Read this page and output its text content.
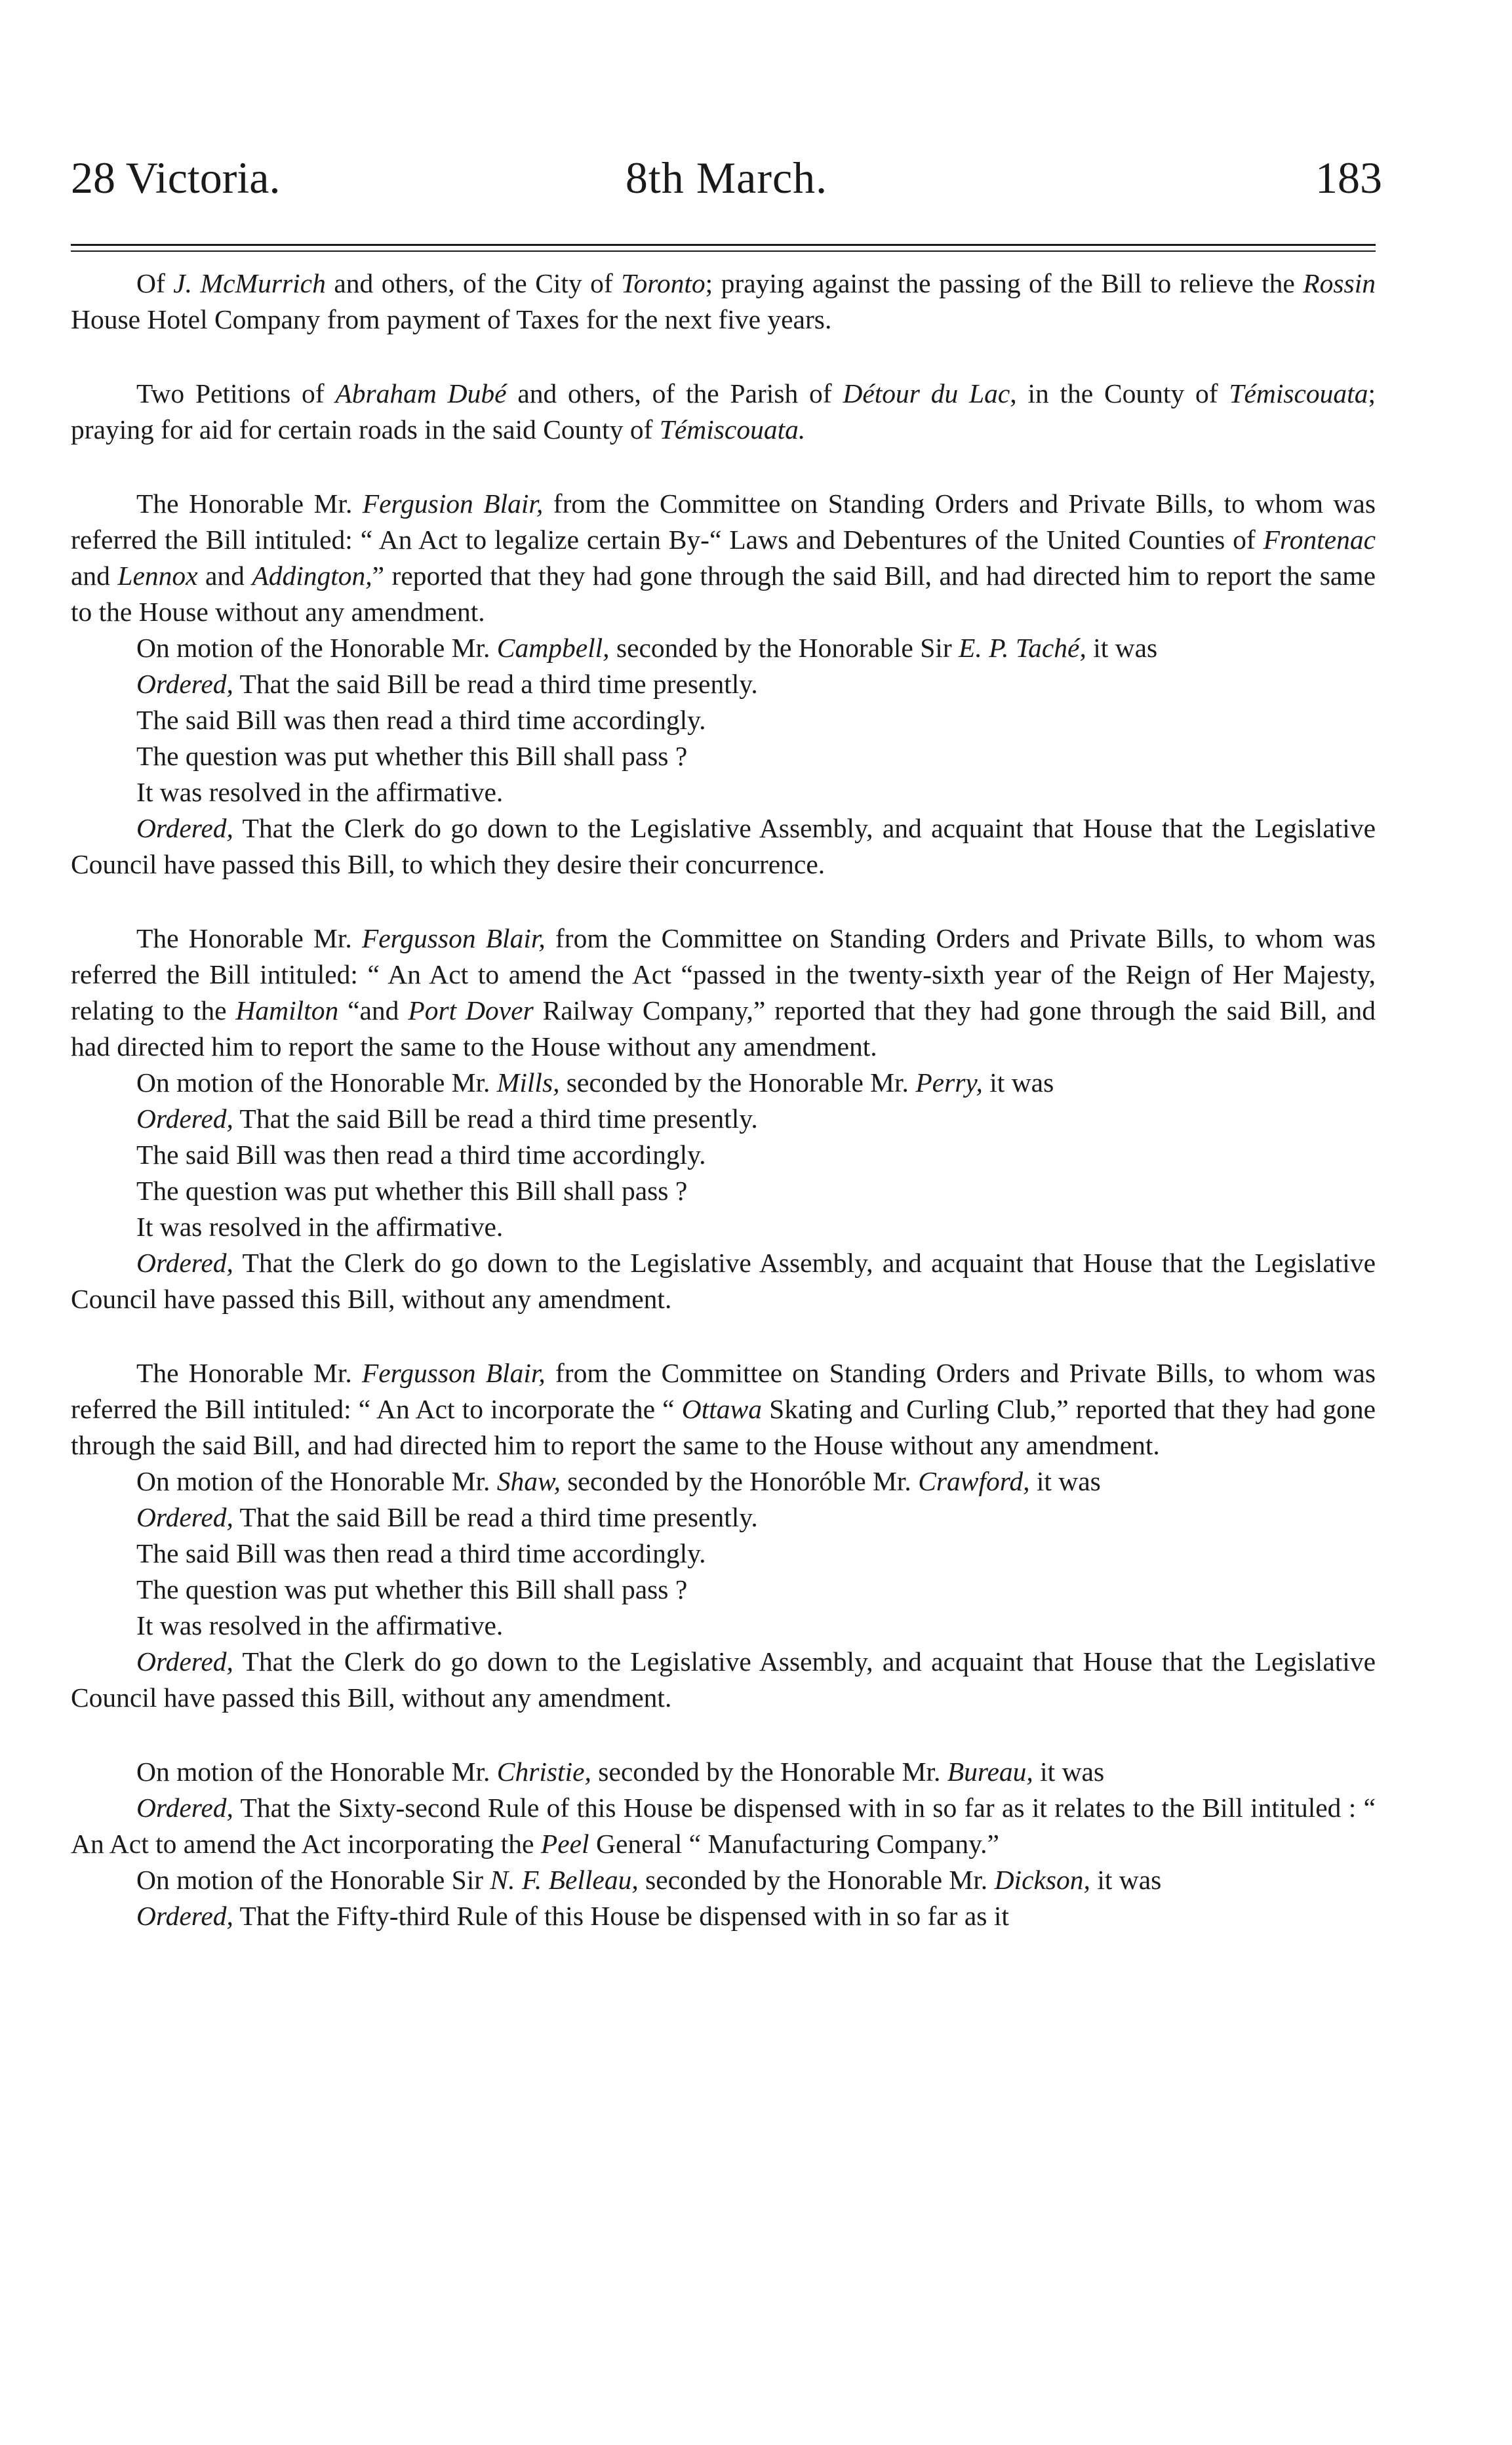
28 Victoria.	8th March.	183

Of J. McMurrich and others, of the City of Toronto; praying against the passing of the Bill to relieve the Rossin House Hotel Company from payment of Taxes for the next five years.

Two Petitions of Abraham Dubé and others, of the Parish of Détour du Lac, in the County of Témiscouata; praying for aid for certain roads in the said County of Témiscouata.

The Honorable Mr. Fergusion Blair, from the Committee on Standing Orders and Private Bills, to whom was referred the Bill intituled: “ An Act to legalize certain By-“ Laws and Debentures of the United Counties of Frontenac and Lennox and Addington,” reported that they had gone through the said Bill, and had directed him to report the same to the House without any amendment.

On motion of the Honorable Mr. Campbell, seconded by the Honorable Sir E. P. Taché, it was

Ordered, That the said Bill be read a third time presently.

The said Bill was then read a third time accordingly.

The question was put whether this Bill shall pass ?

It was resolved in the affirmative.

Ordered, That the Clerk do go down to the Legislative Assembly, and acquaint that House that the Legislative Council have passed this Bill, to which they desire their concurrence.

The Honorable Mr. Fergusson Blair, from the Committee on Standing Orders and Private Bills, to whom was referred the Bill intituled: “ An Act to amend the Act “passed in the twenty-sixth year of the Reign of Her Majesty, relating to the Hamilton “and Port Dover Railway Company,” reported that they had gone through the said Bill, and had directed him to report the same to the House without any amendment.

On motion of the Honorable Mr. Mills, seconded by the Honorable Mr. Perry, it was

Ordered, That the said Bill be read a third time presently.

The said Bill was then read a third time accordingly.

The question was put whether this Bill shall pass ?

It was resolved in the affirmative.

Ordered, That the Clerk do go down to the Legislative Assembly, and acquaint that House that the Legislative Council have passed this Bill, without any amendment.

The Honorable Mr. Fergusson Blair, from the Committee on Standing Orders and Private Bills, to whom was referred the Bill intituled: “ An Act to incorporate the “ Ottawa Skating and Curling Club,” reported that they had gone through the said Bill, and had directed him to report the same to the House without any amendment.

On motion of the Honorable Mr. Shaw, seconded by the Honoróble Mr. Crawford, it was

Ordered, That the said Bill be read a third time presently.

The said Bill was then read a third time accordingly.

The question was put whether this Bill shall pass ?

It was resolved in the affirmative.

Ordered, That the Clerk do go down to the Legislative Assembly, and acquaint that House that the Legislative Council have passed this Bill, without any amendment.

On motion of the Honorable Mr. Christie, seconded by the Honorable Mr. Bureau, it was

Ordered, That the Sixty-second Rule of this House be dispensed with in so far as it relates to the Bill intituled : “ An Act to amend the Act incorporating the Peel General “ Manufacturing Company.”

On motion of the Honorable Sir N. F. Belleau, seconded by the Honorable Mr. Dickson, it was

Ordered, That the Fifty-third Rule of this House be dispensed with in so far as it
